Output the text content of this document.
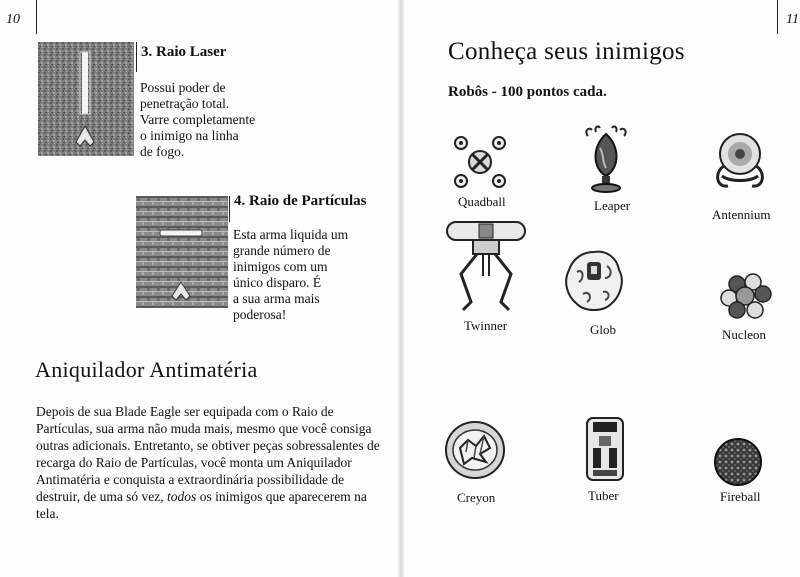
10	11
3. Raio Laser
Possui poder de
penetração total.
Varre completamente
o inimigo na linha
de fogo.
4. Raio de Partículas
Esta arma liquida um
grande número de
inimigos com um
único disparo. É
a sua arma mais
poderosa!
Aniquilador Antimatéria
Depois de sua Blade Eagle ser equipada com o Raio de
Partículas, sua arma não muda mais, mesmo que você consiga
outras adicionais. Entretanto, se obtiver peças sobressalentes de
recarga do Raio de Partículas, você monta um Aniquilador
Antimatéria e conquista a extraordinária possibilidade de
destruir, de uma só vez, todos os inimigos que aparecerem na
tela.
Conheça seus inimigos
Robôs - 100 pontos cada.
Quadball	Leaper
Antennium
Twinner	Glob	Nucleon
Creyon	Tuber	Fireball
